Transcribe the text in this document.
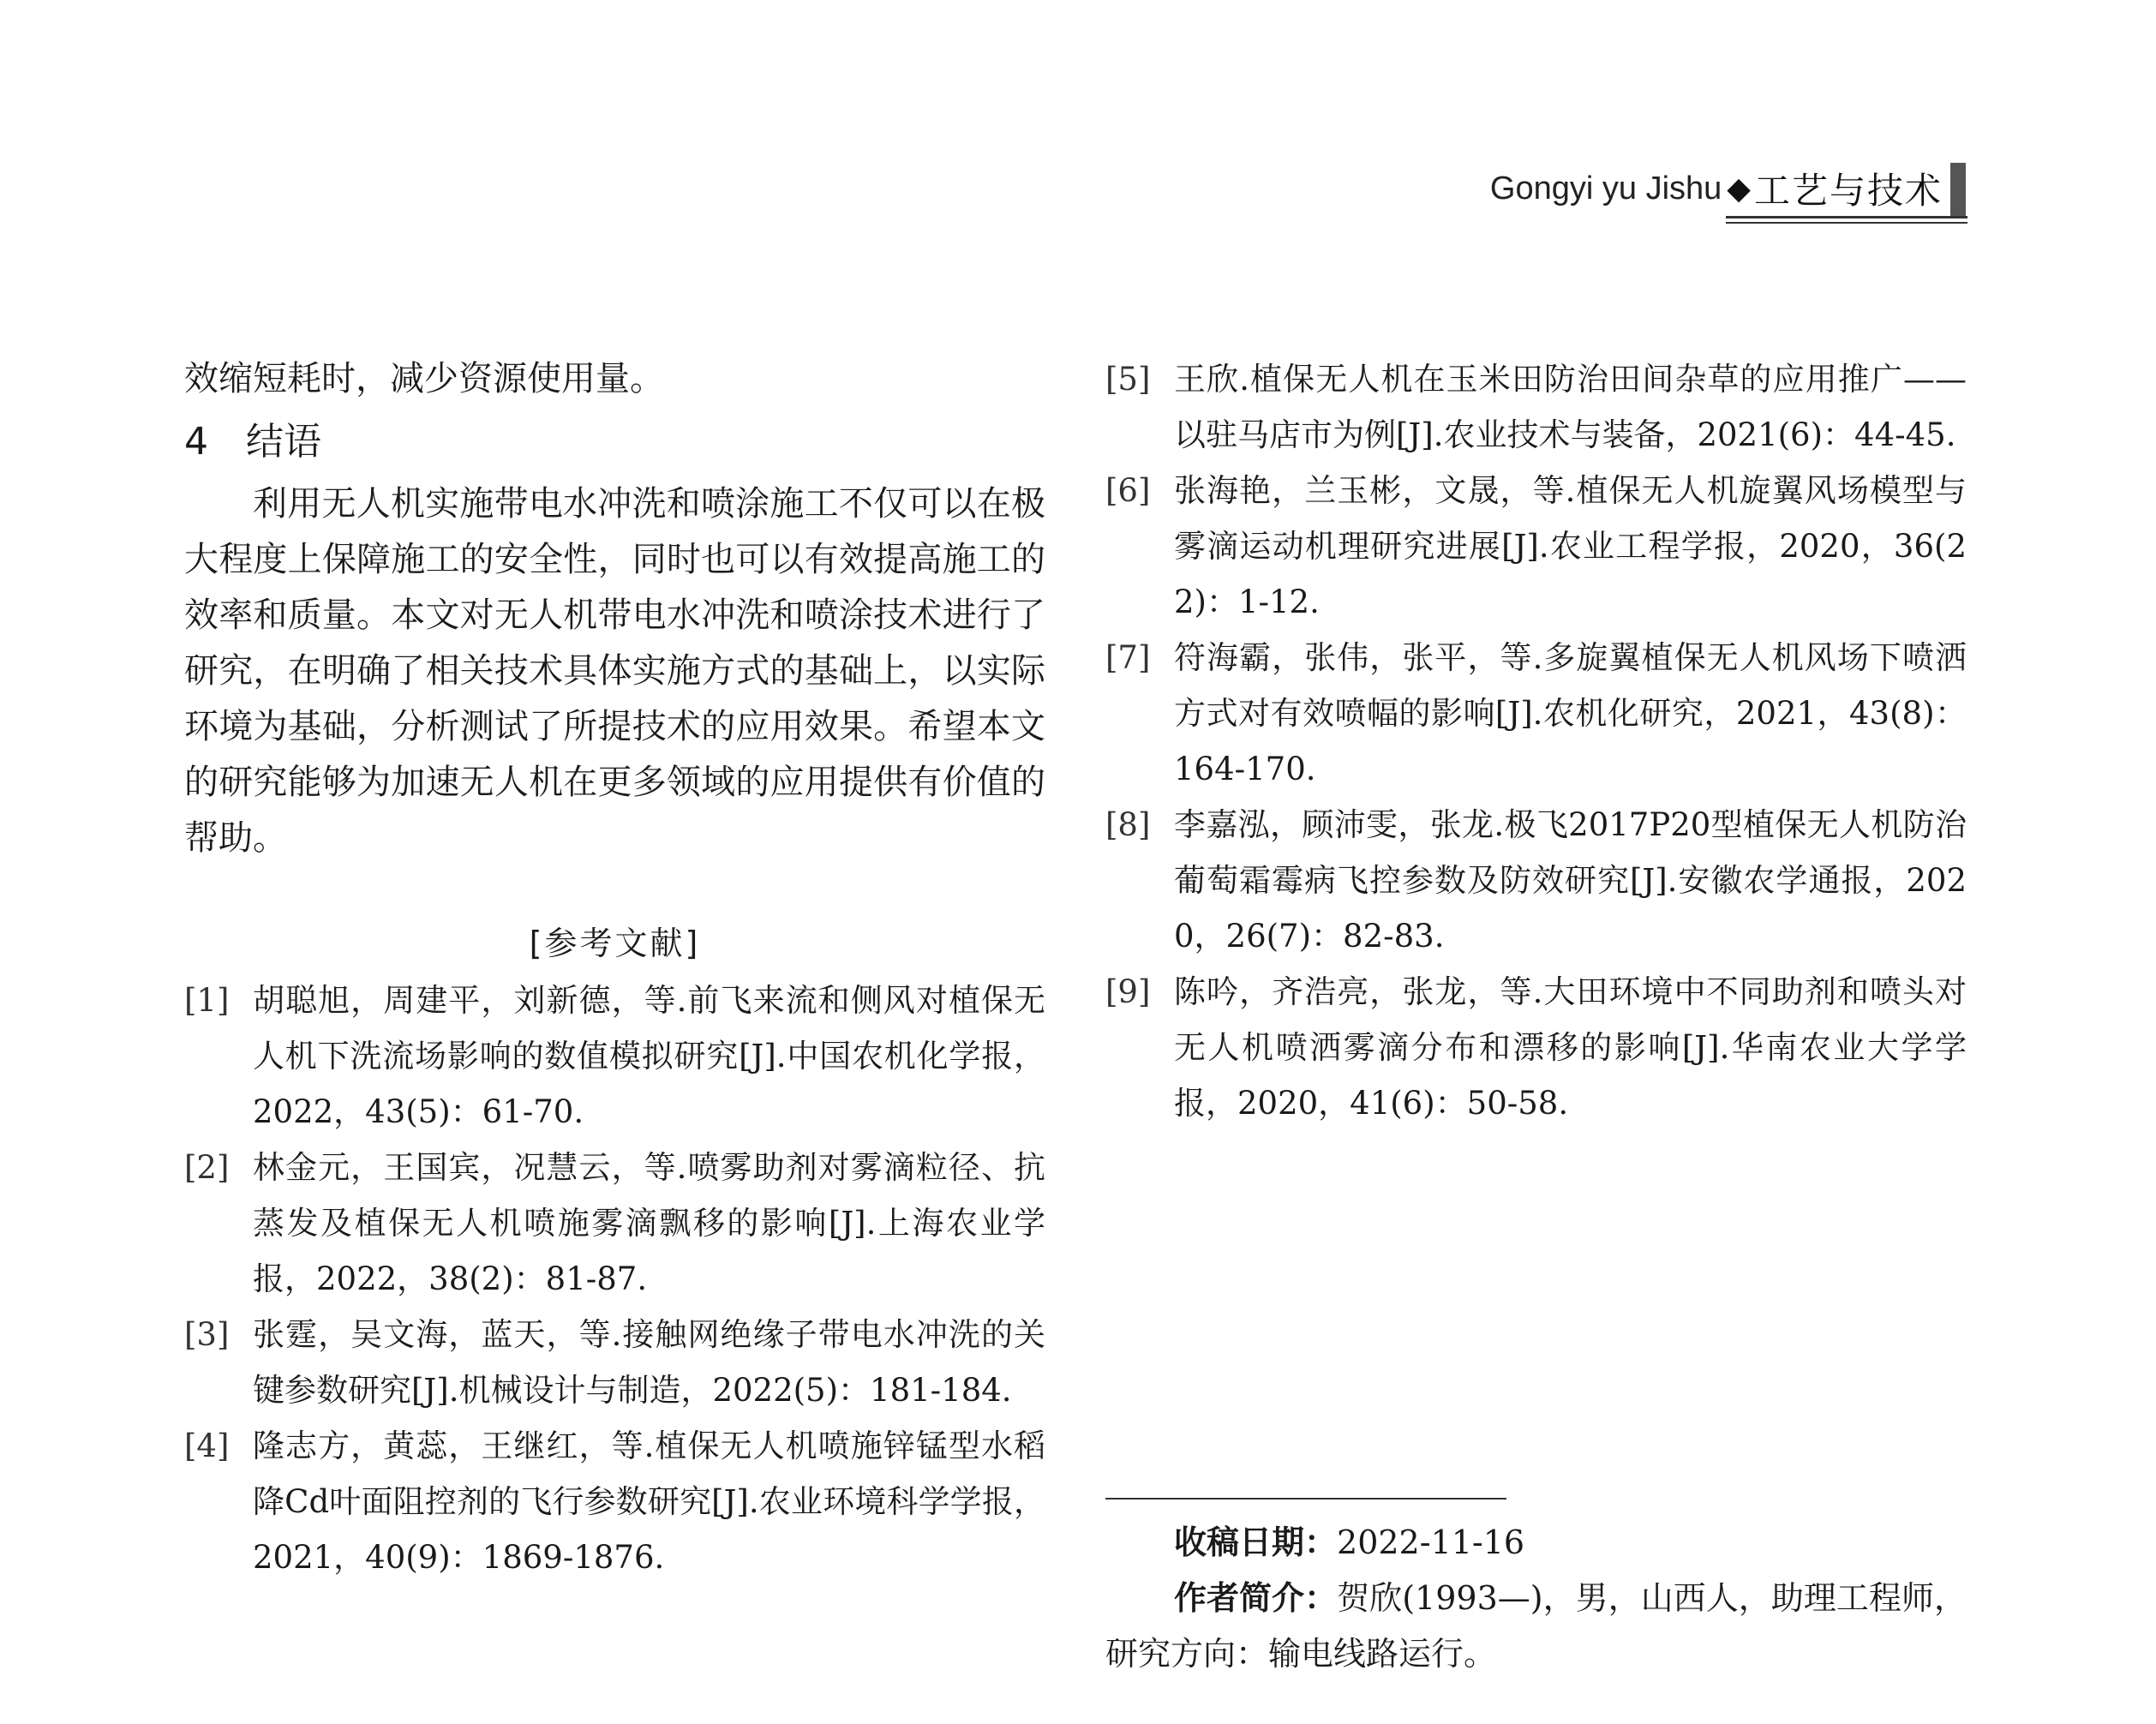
Gongyi yu Jishu ◆ 工艺与技术

效缩短耗时，减少资源使用量。

4 结语

利用无人机实施带电水冲洗和喷涂施工不仅可以在极大程度上保障施工的安全性，同时也可以有效提高施工的效率和质量。本文对无人机带电水冲洗和喷涂技术进行了研究，在明确了相关技术具体实施方式的基础上，以实际环境为基础，分析测试了所提技术的应用效果。希望本文的研究能够为加速无人机在更多领域的应用提供有价值的帮助。

[参考文献]
[1] 胡聪旭，周建平，刘新德，等.前飞来流和侧风对植保无人机下洗流场影响的数值模拟研究[J].中国农机化学报，2022，43(5)：61-70.
[2] 林金元，王国宾，况慧云，等.喷雾助剂对雾滴粒径、抗蒸发及植保无人机喷施雾滴飘移的影响[J].上海农业学报，2022，38(2)：81-87.
[3] 张霆，吴文海，蓝天，等.接触网绝缘子带电水冲洗的关键参数研究[J].机械设计与制造，2022(5)：181-184.
[4] 隆志方，黄蕊，王继红，等.植保无人机喷施锌锰型水稻降Cd叶面阻控剂的飞行参数研究[J].农业环境科学学报，2021，40(9)：1869-1876.
[5] 王欣.植保无人机在玉米田防治田间杂草的应用推广——以驻马店市为例[J].农业技术与装备，2021(6)：44-45.
[6] 张海艳，兰玉彬，文晟，等.植保无人机旋翼风场模型与雾滴运动机理研究进展[J].农业工程学报，2020，36(22)：1-12.
[7] 符海霸，张伟，张平，等.多旋翼植保无人机风场下喷洒方式对有效喷幅的影响[J].农机化研究，2021，43(8)：164-170.
[8] 李嘉泓，顾沛雯，张龙.极飞2017P20型植保无人机防治葡萄霜霉病飞控参数及防效研究[J].安徽农学通报，2020，26(7)：82-83.
[9] 陈吟，齐浩亮，张龙，等.大田环境中不同助剂和喷头对无人机喷洒雾滴分布和漂移的影响[J].华南农业大学学报，2020，41(6)：50-58.
收稿日期：2022-11-16
作者简介：贺欣(1993—)，男，山西人，助理工程师，研究方向：输电线路运行。
